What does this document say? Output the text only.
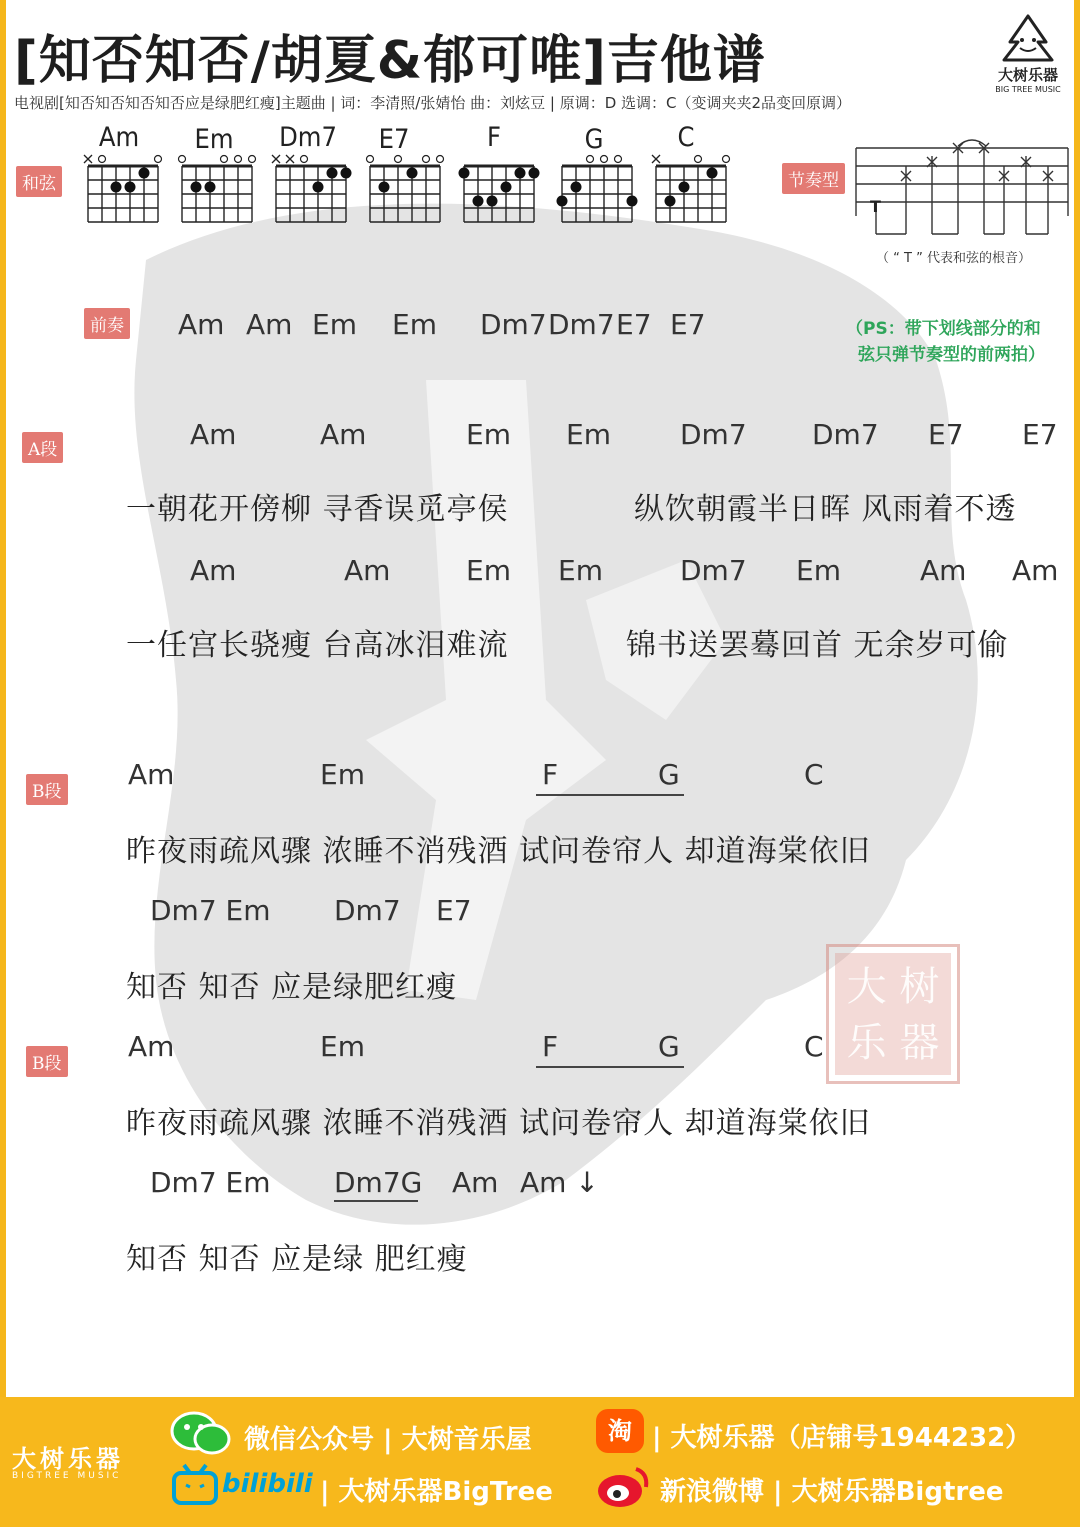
[知否知否/胡夏&郁可唯]吉他谱
电视剧[知否知否知否知否应是绿肥红瘦]主题曲 | 词：李清照/张婧怡 曲：刘炫豆 | 原调：D 选调：C（变调夹夹2品变回原调）
大树乐器
BIG TREE MUSIC
和弦	节奏型
Am	Em	Dm7	E7	F	G	C
T
（ “ T ” 代表和弦的根音）
前奏 Am Am Em Em Dm7 Dm7 E7 E7	（PS：带下划线部分的和
弦只弹节奏型的前两拍）
A段	Am	Am	Em Em Dm7 Dm7 E7 E7
一朝花开傍柳 寻香误觅亭侯	纵饮朝霞半日晖 风雨着不透
Am	Am	Em Em	Dm7 Em	Am Am
一任宫长骁瘦 台高冰泪难流	锦书送罢蓦回首 无余岁可偷
B段
Am	Em	F	G	C
昨夜雨疏风骤 浓睡不消残酒 试问卷帘人 却道海棠依旧
Dm7 Em Dm7 E7
知否 知否 应是绿肥红瘦	大 树
乐 器
B段
Am	Em	F	G	C
昨夜雨疏风骤 浓睡不消残酒 试问卷帘人 却道海棠依旧
Dm7 Em Dm7G Am Am ↓
知否 知否 应是绿 肥红瘦
大树乐器
BIGTREE MUSIC
微信公众号 | 大树音乐屋
bilibili | 大树乐器BigTree
淘 | 大树乐器（店铺号1944232）
新浪微博 | 大树乐器Bigtree
